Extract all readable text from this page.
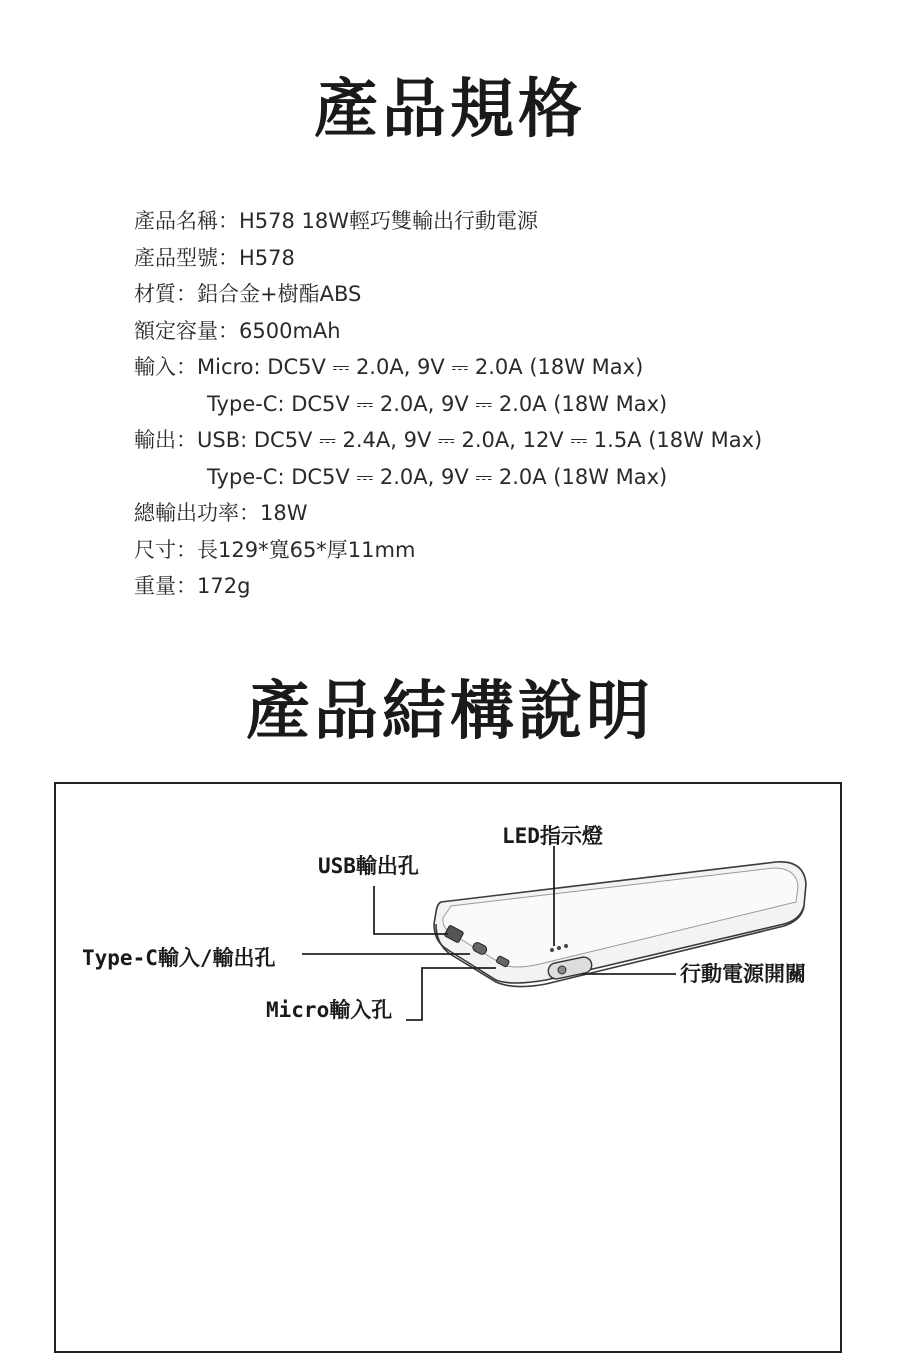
產品規格
產品名稱：H578 18W輕巧雙輸出行動電源
產品型號：H578
材質：鋁合金+樹酯ABS
額定容量：6500mAh
輸入：Micro: DC5V ⎓ 2.0A, 9V ⎓ 2.0A (18W Max)
Type-C: DC5V ⎓ 2.0A, 9V ⎓ 2.0A (18W Max)
輸出：USB: DC5V ⎓ 2.4A, 9V ⎓ 2.0A, 12V ⎓ 1.5A (18W Max)
Type-C: DC5V ⎓ 2.0A, 9V ⎓ 2.0A (18W Max)
總輸出功率：18W
尺寸：長129*寬65*厚11mm
重量：172g
產品結構說明
LED指示燈
USB輸出孔
Type-C輸入/輸出孔
Micro輸入孔
行動電源開關
